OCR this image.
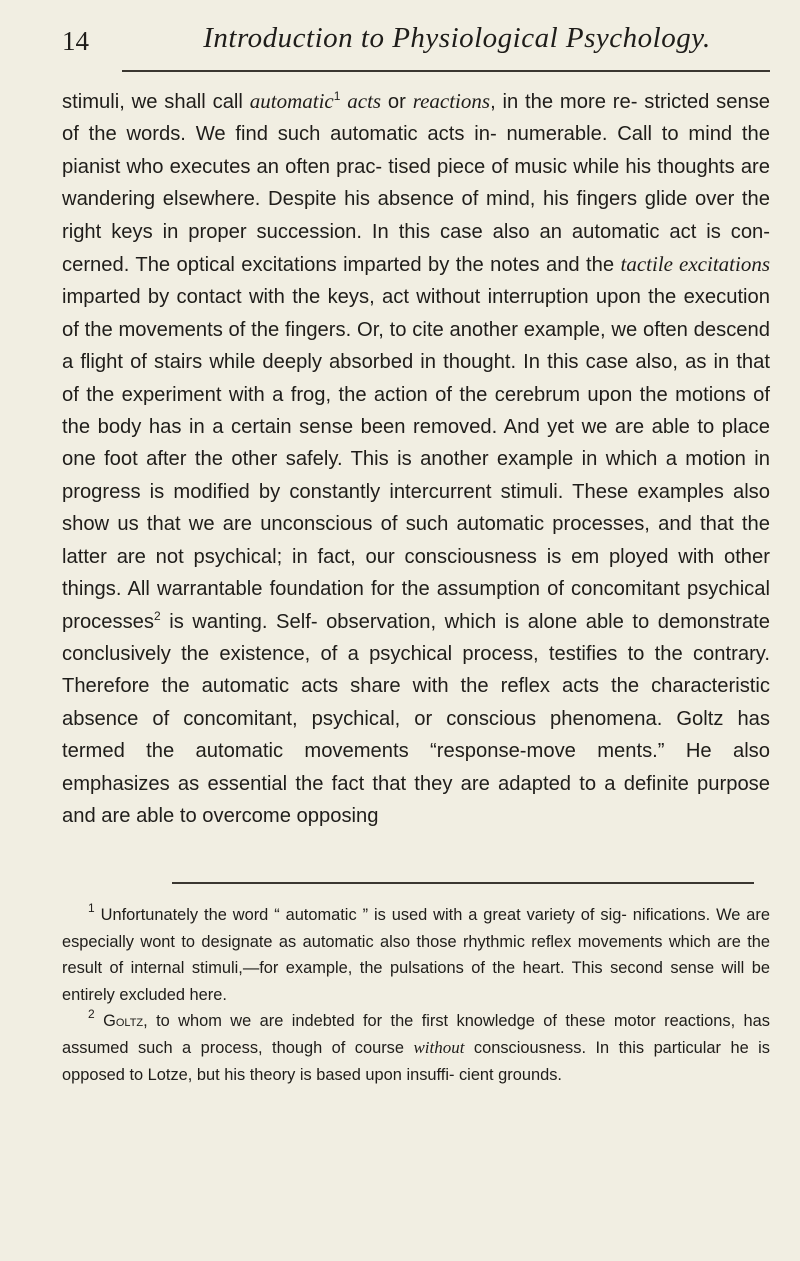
14	Introduction to Physiological Psychology.

stimuli, we shall call automatic$^1$ acts or reactions, in the more re- stricted sense of the words. We find such automatic acts in- numerable. Call to mind the pianist who executes an often prac- tised piece of music while his thoughts are wandering elsewhere. Despite his absence of mind, his fingers glide over the right keys in proper succession. In this case also an automatic act is con- cerned. The optical excitations imparted by the notes and the tactile excitations imparted by contact with the keys, act without interruption upon the execution of the movements of the fingers. Or, to cite another example, we often descend a flight of stairs while deeply absorbed in thought. In this case also, as in that of the experiment with a frog, the action of the cerebrum upon the motions of the body has in a certain sense been removed. And yet we are able to place one foot after the other safely. This is another example in which a motion in progress is modified by constantly intercurrent stimuli. These examples also show us that we are unconscious of such automatic processes, and that the latter are not psychical; in fact, our consciousness is em ployed with other things. All warrantable foundation for the assumption of concomitant psychical processes$^2$ is wanting. Self- observation, which is alone able to demonstrate conclusively the existence, of a psychical process, testifies to the contrary. Therefore the automatic acts share with the reflex acts the characteristic absence of concomitant, psychical, or conscious phenomena. Goltz has termed the automatic movements “response-move ments.” He also emphasizes as essential the fact that they are adapted to a definite purpose and are able to overcome opposing

$^1$ Unfortunately the word “ automatic ” is used with a great variety of sig- nifications. We are especially wont to designate as automatic also those rhythmic reflex movements which are the result of internal stimuli,—for example, the pulsations of the heart. This second sense will be entirely excluded here.

$^2$ Goltz, to whom we are indebted for the first knowledge of these motor reactions, has assumed such a process, though of course without consciousness. In this particular he is opposed to Lotze, but his theory is based upon insuffi- cient grounds.
